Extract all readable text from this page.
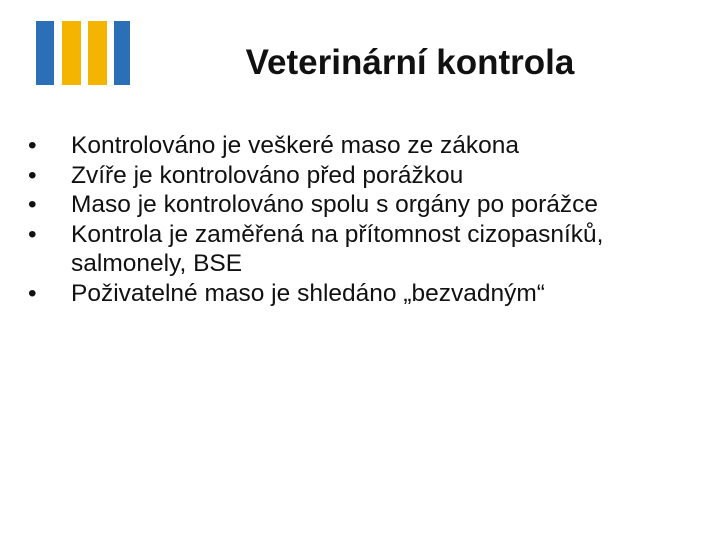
Veterinární kontrola
•	Kontrolováno je veškeré maso ze zákona
•	Zvíře je kontrolováno před porážkou
•	Maso je kontrolováno spolu s orgány po porážce
•	Kontrola je zaměřená na přítomnost cizopasníků, salmonely, BSE
•	Poživatelné maso je shledáno „bezvadným“
